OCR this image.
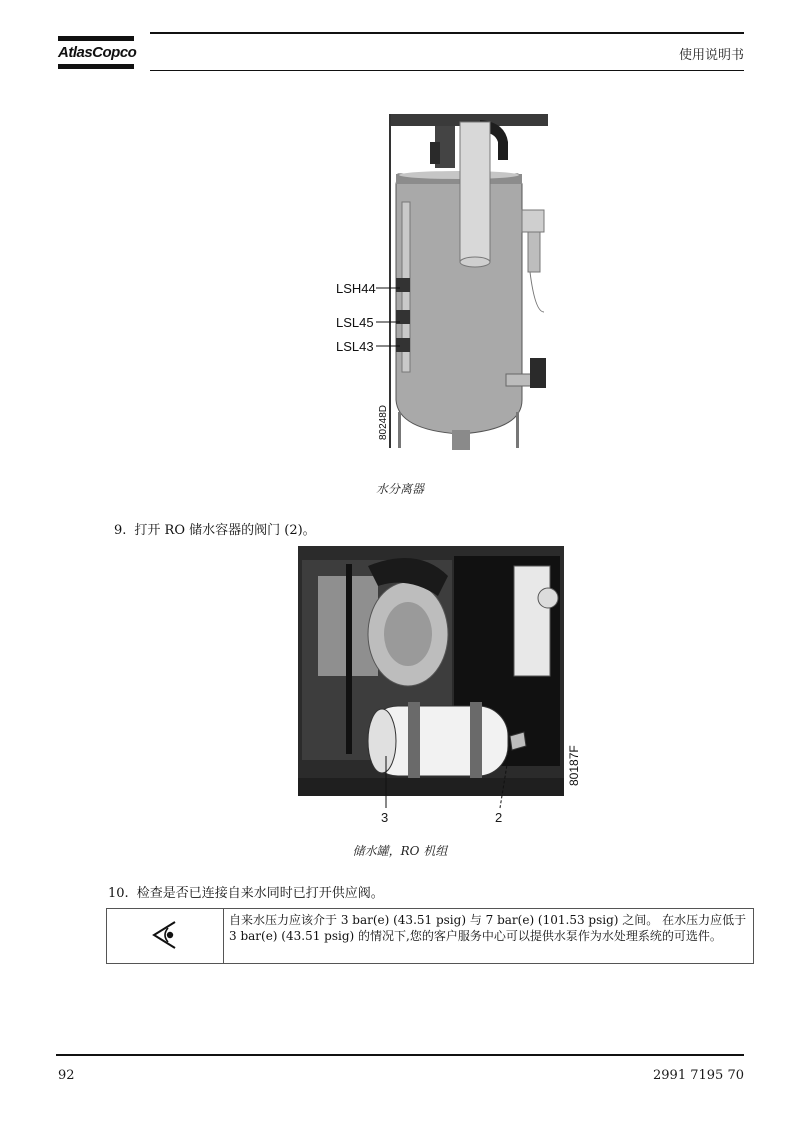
AtlasCopco	使用说明书
LSH44
LSL45
LSL43
80248D
水分离器
9. 打开 RO 储水容器的阀门 (2)。
80187F
3	2
储水罐，RO 机组
10. 检查是否已连接自来水同时已打开供应阀。
自来水压力应该介于 3 bar(e) (43.51 psig) 与 7 bar(e) (101.53 psig) 之间。 在水压力应低于 3 bar(e) (43.51 psig) 的情况下,您的客户服务中心可以提供水泵作为水处理系统的可选件。
92	2991 7195 70
